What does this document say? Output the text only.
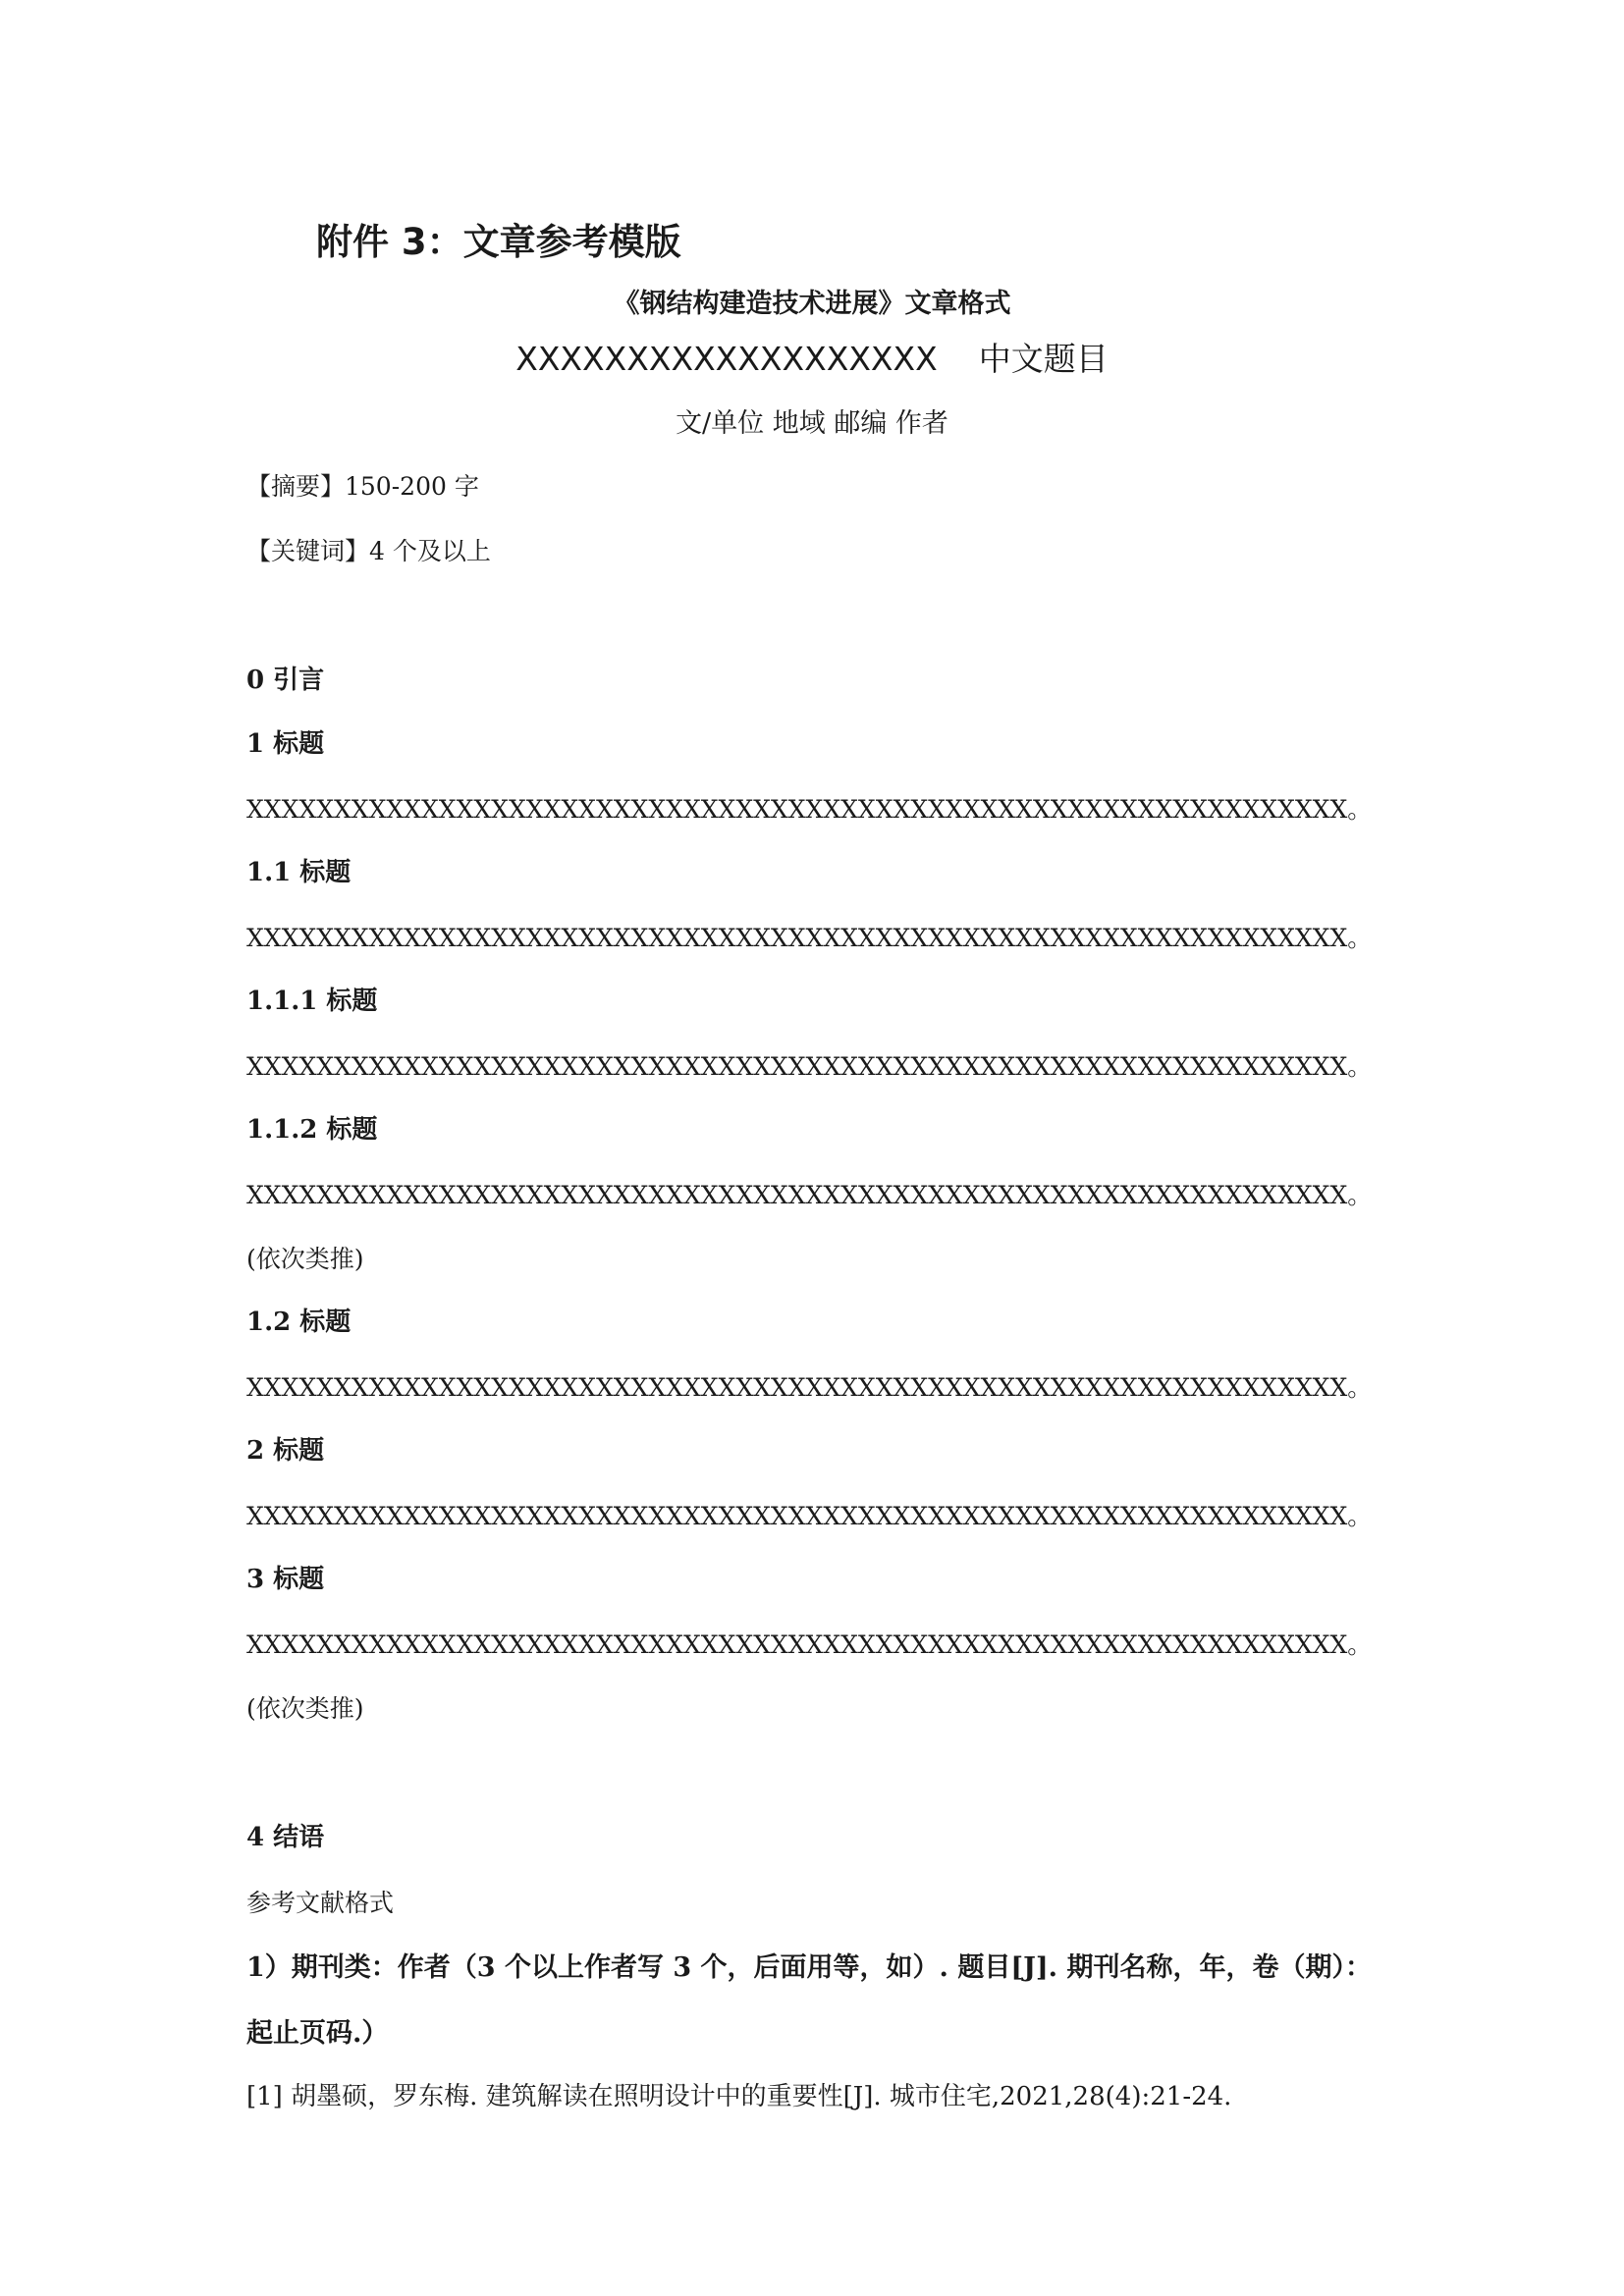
附件 3：文章参考模版
《钢结构建造技术进展》文章格式
XXXXXXXXXXXXXXXXXXX 中文题目
文/单位 地域 邮编 作者
【摘要】150-200 字
【关键词】4 个及以上
0 引言
1 标题
XXXXXXXXXXXXXXXXXXXXXXXXXXXXXXXXXXXXXXXXXXXXXXXXXXXXXXXXXXXXXXX。
1.1 标题
XXXXXXXXXXXXXXXXXXXXXXXXXXXXXXXXXXXXXXXXXXXXXXXXXXXXXXXXXXXXXXX。
1.1.1 标题
XXXXXXXXXXXXXXXXXXXXXXXXXXXXXXXXXXXXXXXXXXXXXXXXXXXXXXXXXXXXXXX。
1.1.2 标题
XXXXXXXXXXXXXXXXXXXXXXXXXXXXXXXXXXXXXXXXXXXXXXXXXXXXXXXXXXXXXXX。
(依次类推)
1.2 标题
XXXXXXXXXXXXXXXXXXXXXXXXXXXXXXXXXXXXXXXXXXXXXXXXXXXXXXXXXXXXXXX。
2 标题
XXXXXXXXXXXXXXXXXXXXXXXXXXXXXXXXXXXXXXXXXXXXXXXXXXXXXXXXXXXXXXX。
3 标题
XXXXXXXXXXXXXXXXXXXXXXXXXXXXXXXXXXXXXXXXXXXXXXXXXXXXXXXXXXXXXXX。
(依次类推)
4 结语
参考文献格式
1）期刊类：作者（3 个以上作者写 3 个，后面用等，如）. 题目[J]. 期刊名称，年，卷（期）：
起止页码.）
[1] 胡墨硕，罗东梅. 建筑解读在照明设计中的重要性[J]. 城市住宅,2021,28(4):21-24.
